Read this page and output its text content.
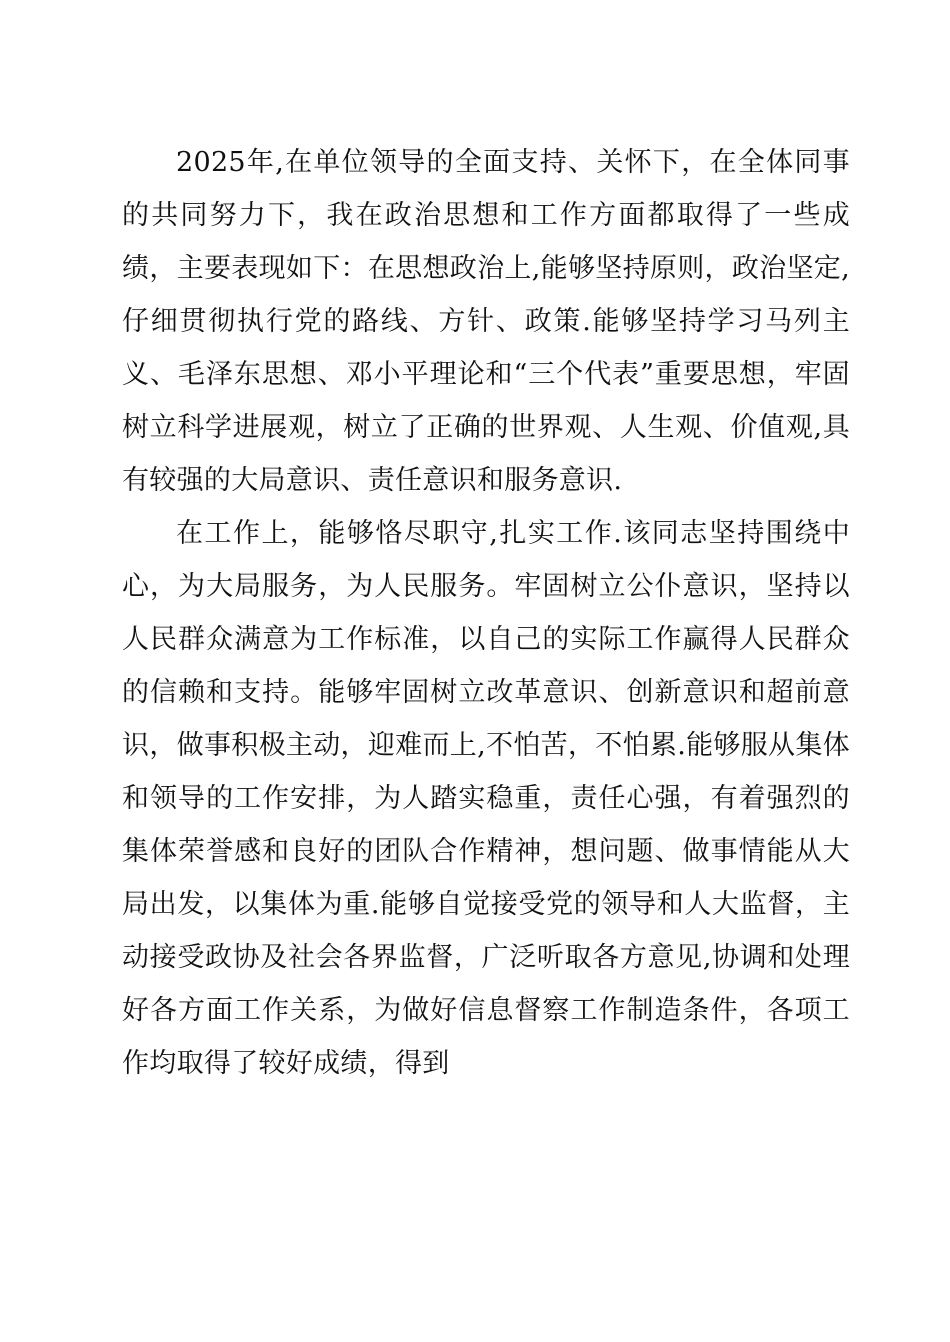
2025年,在单位领导的全面支持、关怀下，在全体同事的共同努力下，我在政治思想和工作方面都取得了一些成绩，主要表现如下：在思想政治上,能够坚持原则，政治坚定,仔细贯彻执行党的路线、方针、政策.能够坚持学习马列主义、毛泽东思想、邓小平理论和“三个代表”重要思想，牢固树立科学进展观，树立了正确的世界观、人生观、价值观,具有较强的大局意识、责任意识和服务意识.

在工作上，能够恪尽职守,扎实工作.该同志坚持围绕中心，为大局服务，为人民服务。牢固树立公仆意识，坚持以人民群众满意为工作标准，以自己的实际工作赢得人民群众的信赖和支持。能够牢固树立改革意识、创新意识和超前意识，做事积极主动，迎难而上,不怕苦，不怕累.能够服从集体和领导的工作安排，为人踏实稳重，责任心强，有着强烈的集体荣誉感和良好的团队合作精神，想问题、做事情能从大局出发，以集体为重.能够自觉接受党的领导和人大监督，主动接受政协及社会各界监督，广泛听取各方意见,协调和处理好各方面工作关系，为做好信息督察工作制造条件，各项工作均取得了较好成绩，得到
